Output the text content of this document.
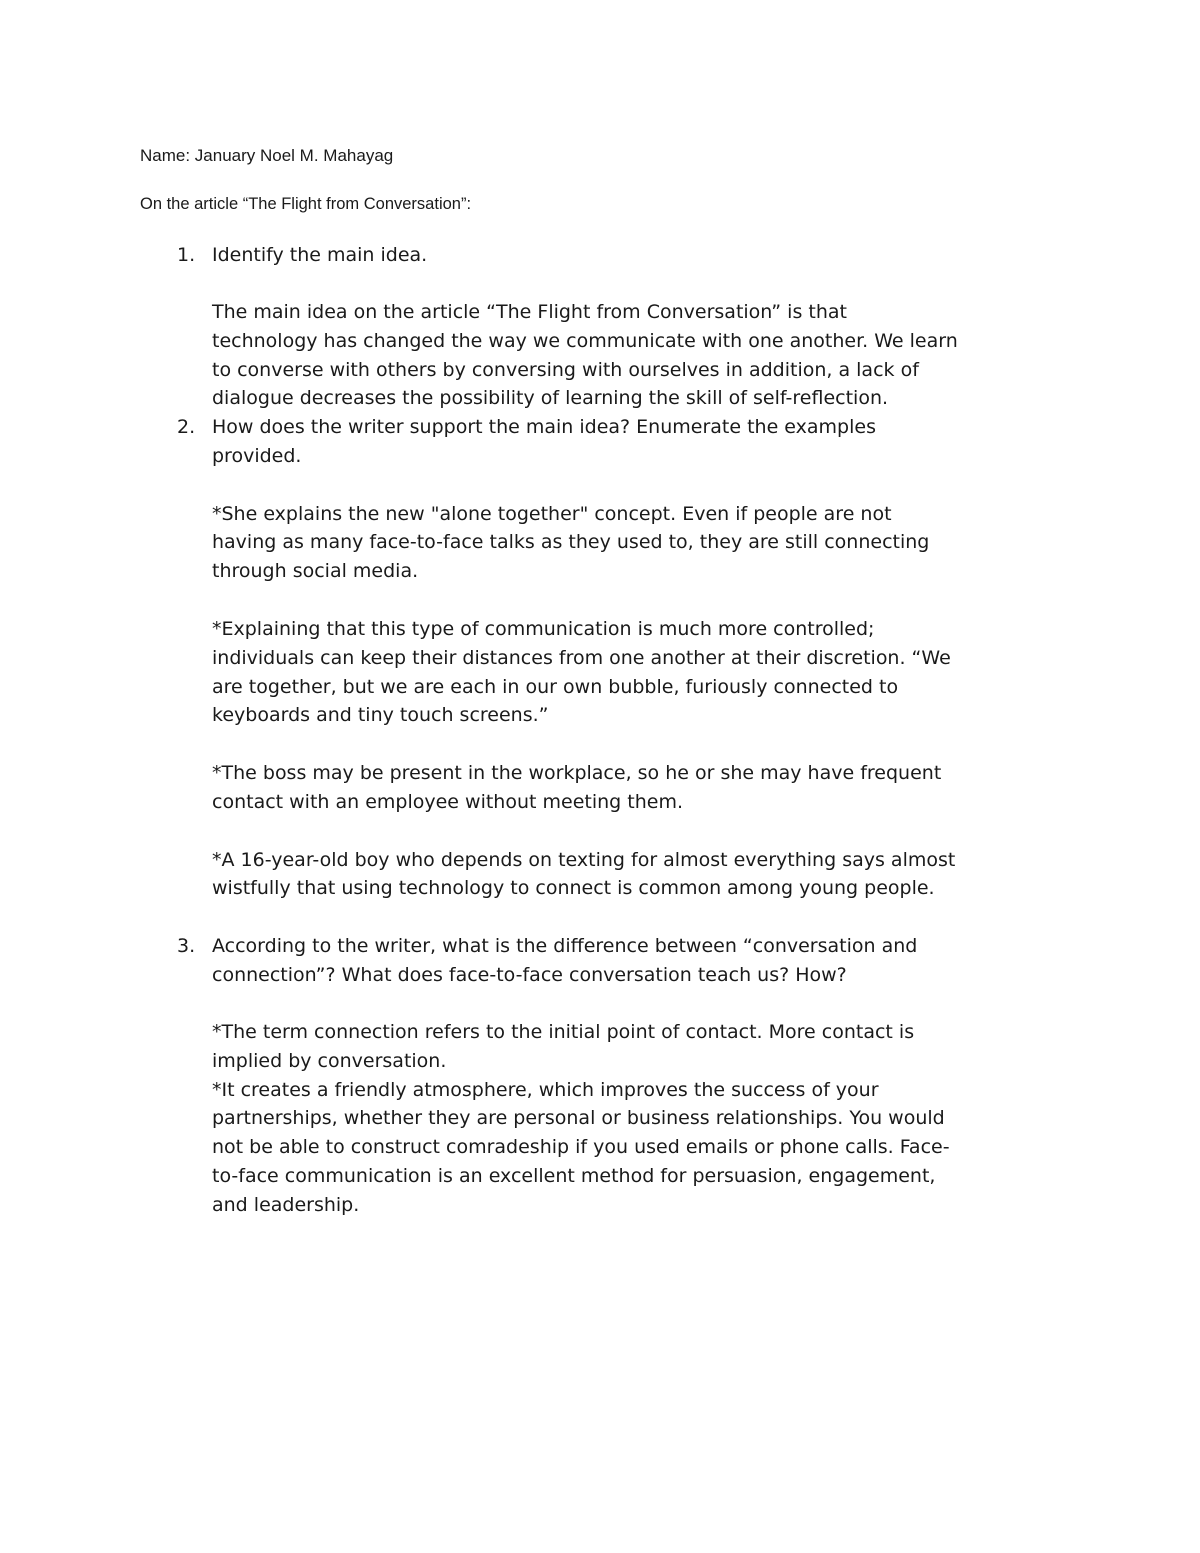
Name: January Noel M. Mahayag
On the article “The Flight from Conversation”:
1. Identify the main idea.
The main idea on the article “The Flight from Conversation” is that
technology has changed the way we communicate with one another. We learn
to converse with others by conversing with ourselves in addition, a lack of
dialogue decreases the possibility of learning the skill of self-reflection.
2. How does the writer support the main idea? Enumerate the examples
provided.
*She explains the new "alone together" concept. Even if people are not
having as many face-to-face talks as they used to, they are still connecting
through social media.
*Explaining that this type of communication is much more controlled;
individuals can keep their distances from one another at their discretion. “We
are together, but we are each in our own bubble, furiously connected to
keyboards and tiny touch screens.”
*The boss may be present in the workplace, so he or she may have frequent
contact with an employee without meeting them.
*A 16-year-old boy who depends on texting for almost everything says almost
wistfully that using technology to connect is common among young people.
3. According to the writer, what is the difference between “conversation and
connection”? What does face-to-face conversation teach us? How?
*The term connection refers to the initial point of contact. More contact is
implied by conversation.
*It creates a friendly atmosphere, which improves the success of your
partnerships, whether they are personal or business relationships. You would
not be able to construct comradeship if you used emails or phone calls. Face-
to-face communication is an excellent method for persuasion, engagement,
and leadership.
